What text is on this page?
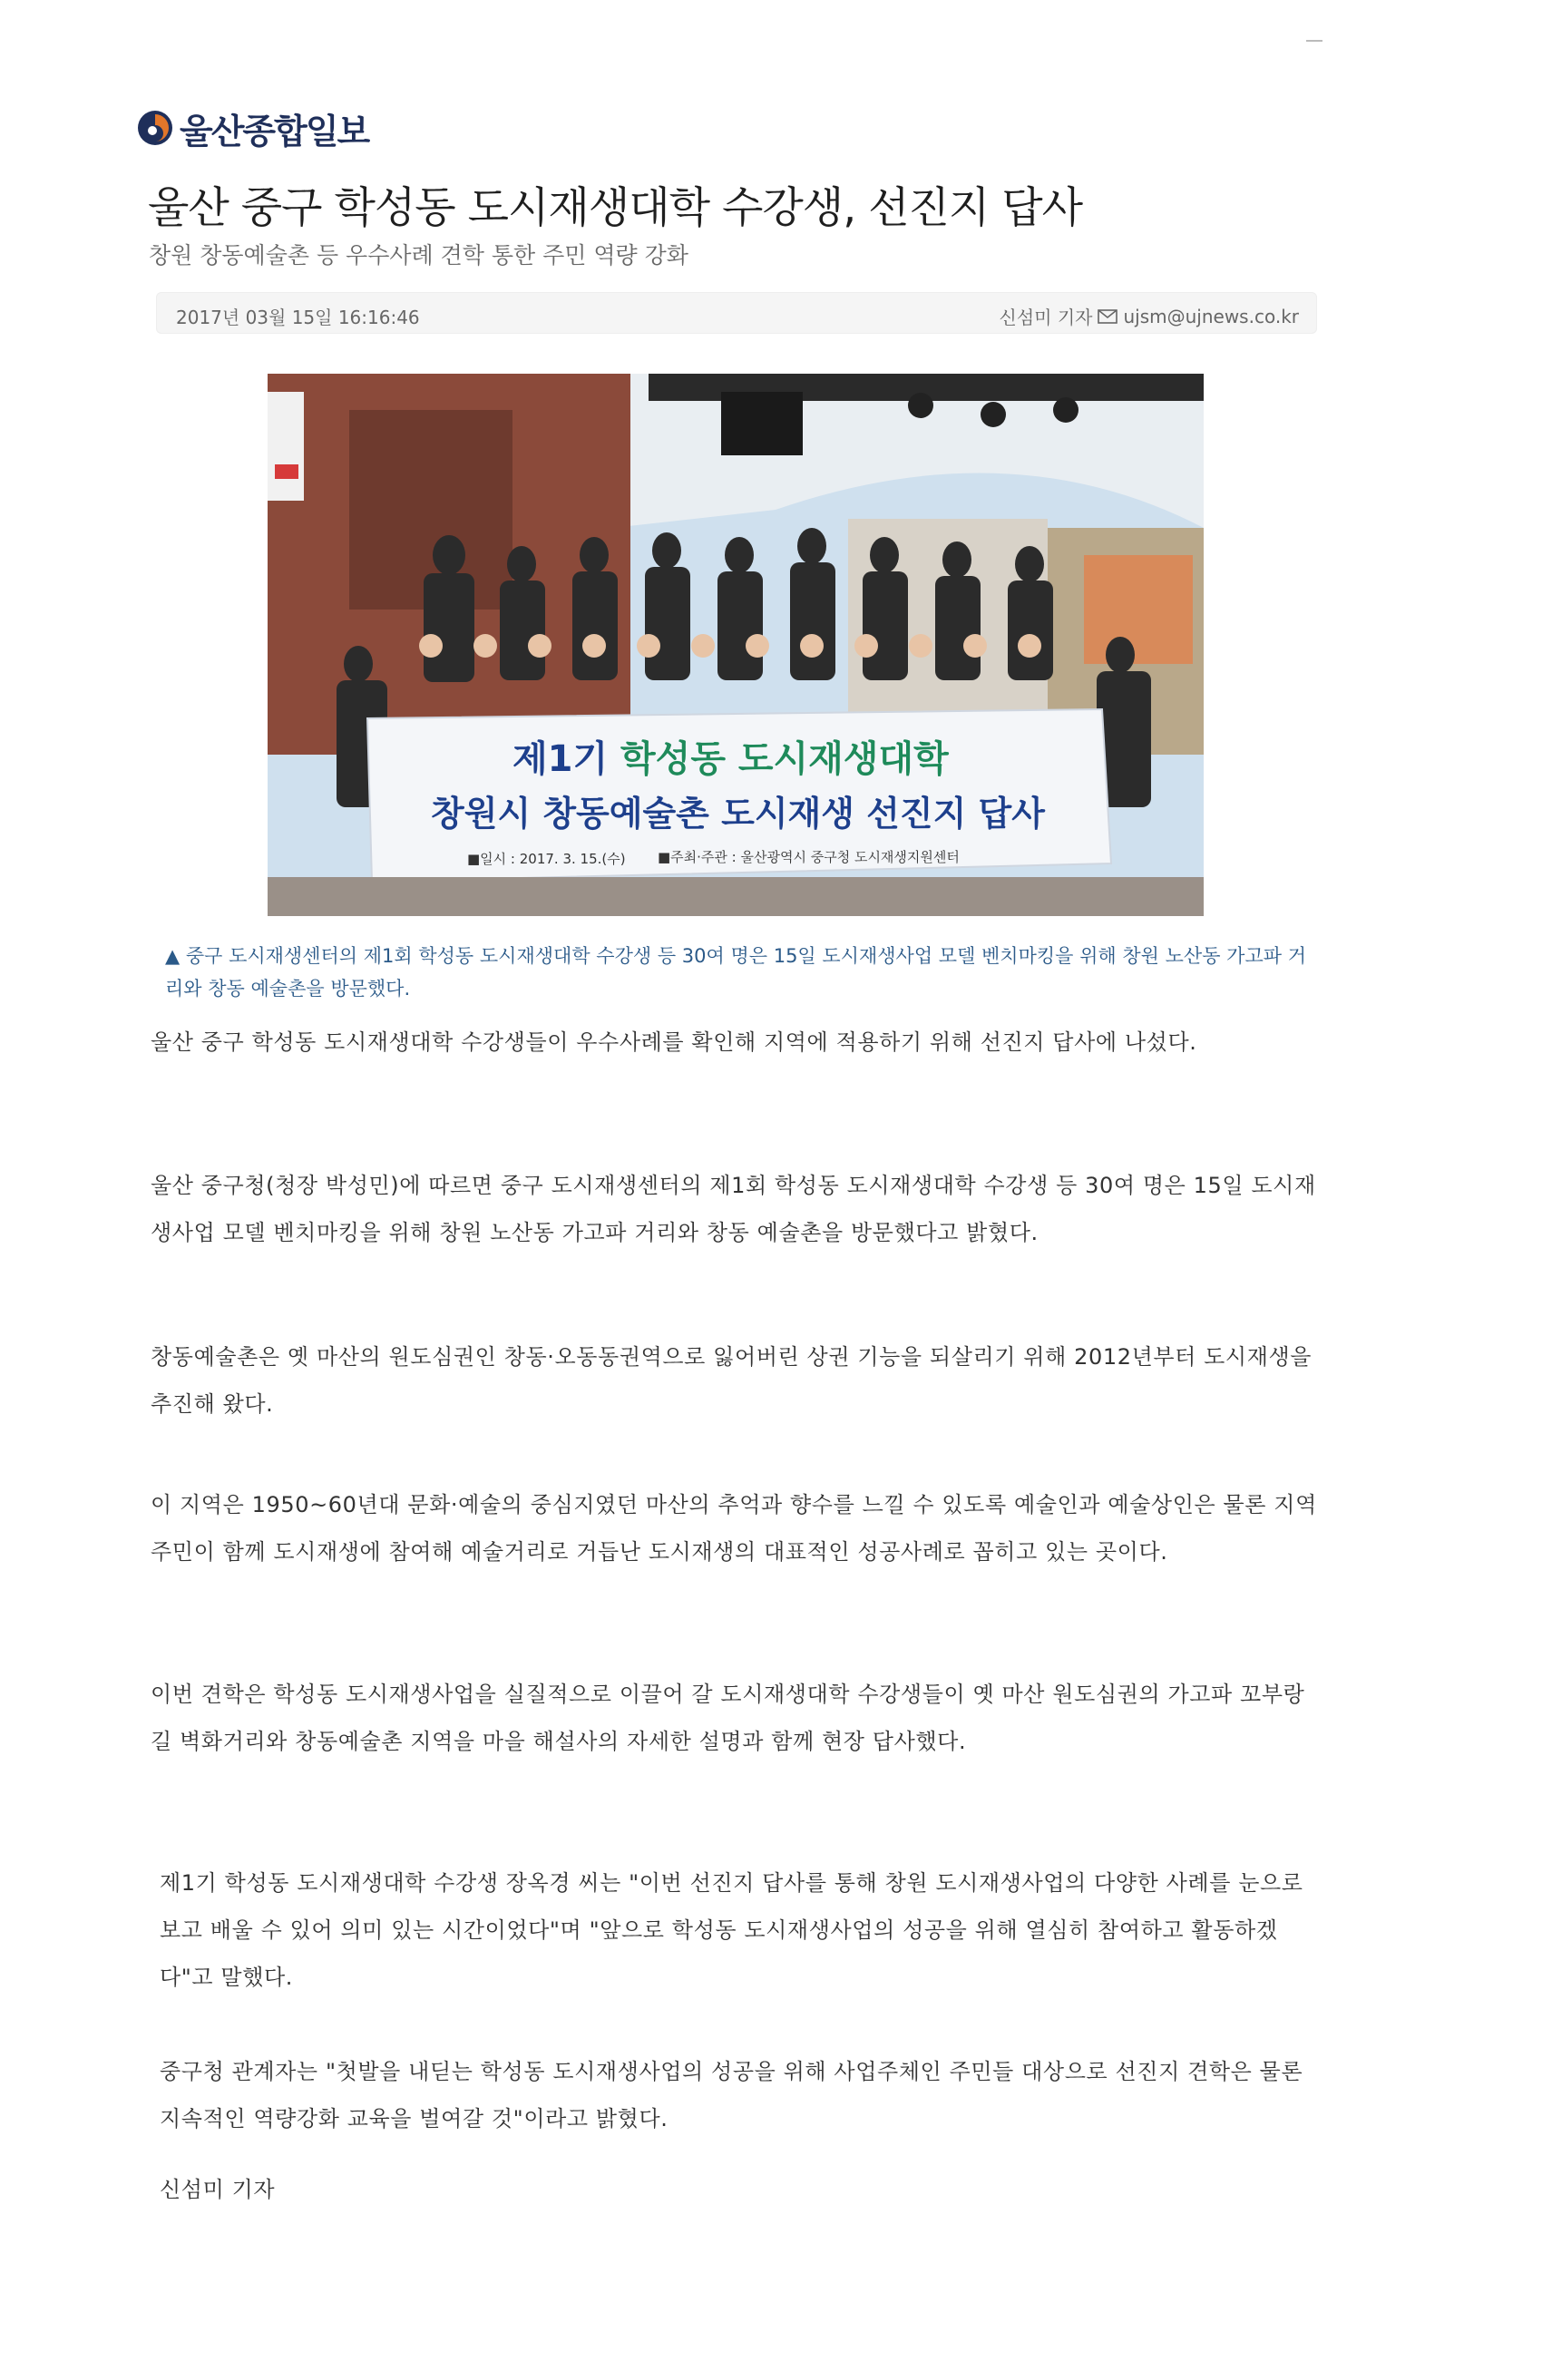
울산종합일보
울산 중구 학성동 도시재생대학 수강생, 선진지 답사
창원 창동예술촌 등 우수사례 견학 통한 주민 역량 강화
2017년 03월 15일 16:16:46	신섬미 기자 ujsm@ujnews.co.kr
제1기 학성동 도시재생대학
창원시 창동예술촌 도시재생 선진지 답사
■일시 : 2017. 3. 15.(수) ■주최·주관 : 울산광역시 중구청 도시재생지원센터

▲ 중구 도시재생센터의 제1회 학성동 도시재생대학 수강생 등 30여 명은 15일 도시재생사업 모델 벤치마킹을 위해 창원 노산동 가고파 거리와 창동 예술촌을 방문했다.

울산 중구 학성동 도시재생대학 수강생들이 우수사례를 확인해 지역에 적용하기 위해 선진지 답사에 나섰다.

울산 중구청(청장 박성민)에 따르면 중구 도시재생센터의 제1회 학성동 도시재생대학 수강생 등 30여 명은 15일 도시재생사업 모델 벤치마킹을 위해 창원 노산동 가고파 거리와 창동 예술촌을 방문했다고 밝혔다.

창동예술촌은 옛 마산의 원도심권인 창동·오동동권역으로 잃어버린 상권 기능을 되살리기 위해 2012년부터 도시재생을 추진해 왔다.

이 지역은 1950~60년대 문화·예술의 중심지였던 마산의 추억과 향수를 느낄 수 있도록 예술인과 예술상인은 물론 지역 주민이 함께 도시재생에 참여해 예술거리로 거듭난 도시재생의 대표적인 성공사례로 꼽히고 있는 곳이다.

이번 견학은 학성동 도시재생사업을 실질적으로 이끌어 갈 도시재생대학 수강생들이 옛 마산 원도심권의 가고파 꼬부랑길 벽화거리와 창동예술촌 지역을 마을 해설사의 자세한 설명과 함께 현장 답사했다.

제1기 학성동 도시재생대학 수강생 장옥경 씨는 "이번 선진지 답사를 통해 창원 도시재생사업의 다양한 사례를 눈으로 보고 배울 수 있어 의미 있는 시간이었다"며 "앞으로 학성동 도시재생사업의 성공을 위해 열심히 참여하고 활동하겠다"고 말했다.

중구청 관계자는 "첫발을 내딛는 학성동 도시재생사업의 성공을 위해 사업주체인 주민들 대상으로 선진지 견학은 물론 지속적인 역량강화 교육을 벌여갈 것"이라고 밝혔다.

신섬미 기자
